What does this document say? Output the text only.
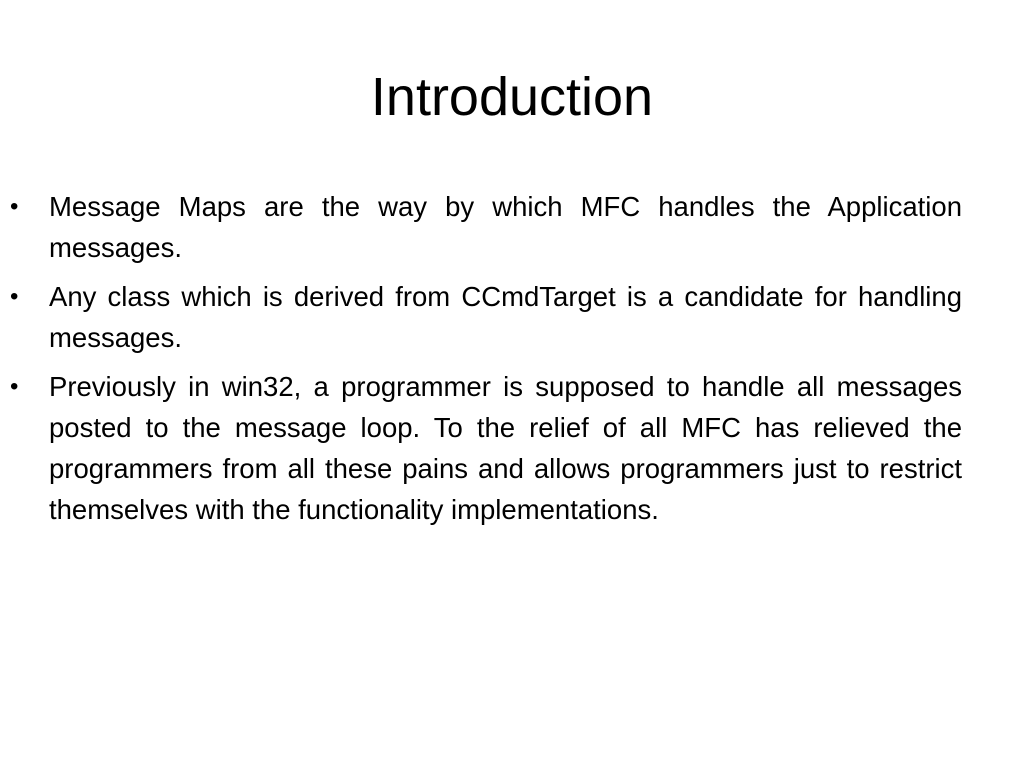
Introduction
•	Message Maps are the way by which MFC handles the Application messages.
•	Any class which is derived from CCmdTarget is a candidate for handling messages.
•	Previously in win32, a programmer is supposed to handle all messages posted to the message loop. To the relief of all MFC has relieved the programmers from all these pains and allows programmers just to restrict themselves with the functionality implementations.
